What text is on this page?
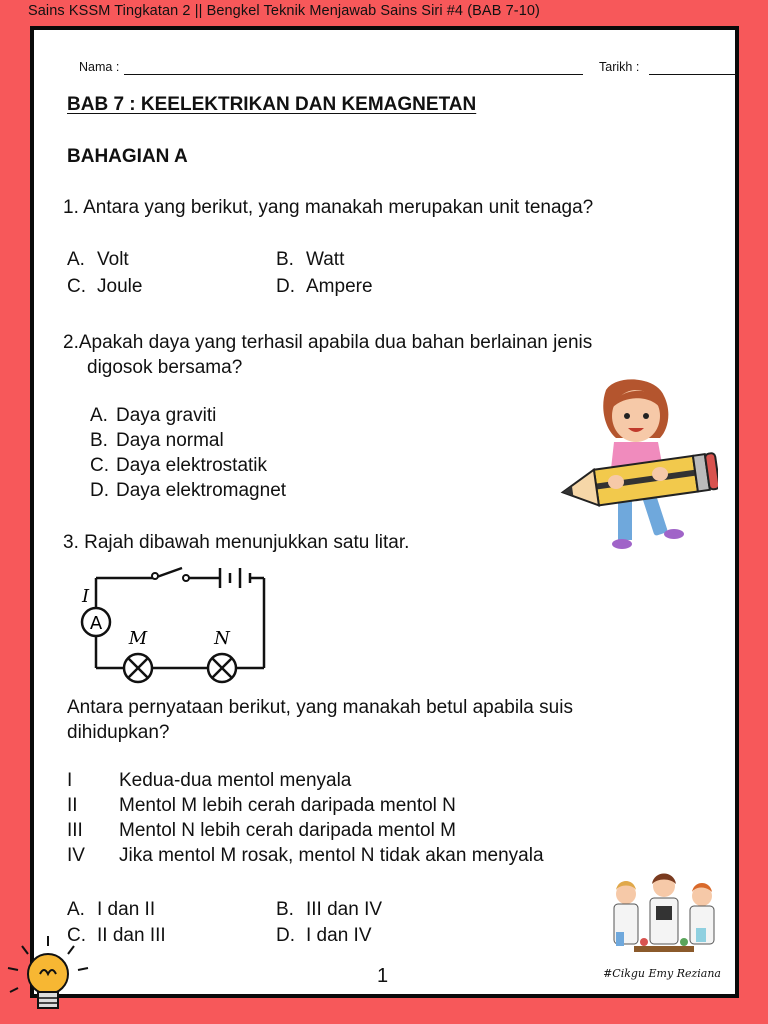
Sains KSSM Tingkatan 2 || Bengkel Teknik Menjawab Sains Siri #4 (BAB 7-10)
Nama :	Tarikh :
BAB 7 : KEELEKTRIKAN DAN KEMAGNETAN
BAHAGIAN A
1. Antara yang berikut, yang manakah merupakan unit tenaga?
A. Volt	B. Watt
C. Joule	D. Ampere
2.Apakah daya yang terhasil apabila dua bahan berlainan jenis
digosok bersama?
A. Daya graviti
B. Daya normal
C. Daya elektrostatik
D. Daya elektromagnet
3. Rajah dibawah menunjukkan satu litar.
A
I
M	N
Antara pernyataan berikut, yang manakah betul apabila suis
dihidupkan?
I Kedua-dua mentol menyala
II Mentol M lebih cerah daripada mentol N
III Mentol N lebih cerah daripada mentol M
IV Jika mentol M rosak, mentol N tidak akan menyala
A. I dan II	B. III dan IV
C. II dan III	D. I dan IV
#Cikgu Emy Reziana
1
